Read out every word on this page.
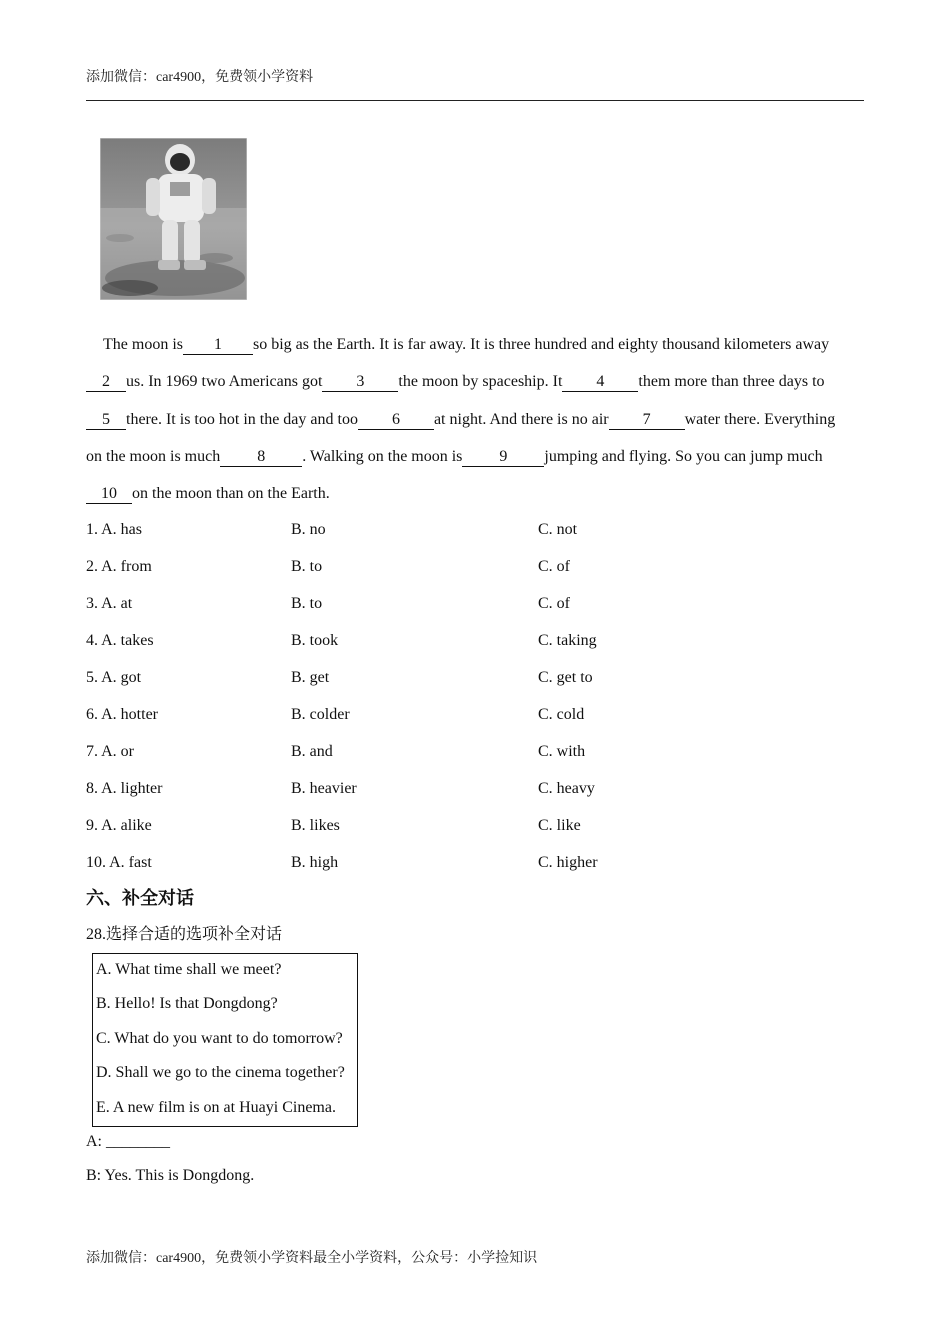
添加微信：car4900，免费领小学资料
The moon is 1 so big as the Earth. It is far away. It is three hundred and eighty thousand kilometers away
2 us. In 1969 two Americans got 3 the moon by spaceship. It 4 them more than three days to
5 there. It is too hot in the day and too 6 at night. And there is no air 7 water there. Everything
on the moon is much 8 . Walking on the moon is 9 jumping and flying. So you can jump much
10 on the moon than on the Earth.
1. A. has	B. no	C. not
2. A. from	B. to	C. of
3. A. at	B. to	C. of
4. A. takes	B. took	C. taking
5. A. got	B. get	C. get to
6. A. hotter	B. colder	C. cold
7. A. or	B. and	C. with
8. A. lighter	B. heavier	C. heavy
9. A. alike	B. likes	C. like
10. A. fast	B. high	C. higher
六、补全对话
28.选择合适的选项补全对话
A. What time shall we meet?
B. Hello! Is that Dongdong?
C. What do you want to do tomorrow?
D. Shall we go to the cinema together?
E. A new film is on at Huayi Cinema.
A: ________
B: Yes. This is Dongdong.
添加微信：car4900，免费领小学资料最全小学资料，公众号：小学捡知识
